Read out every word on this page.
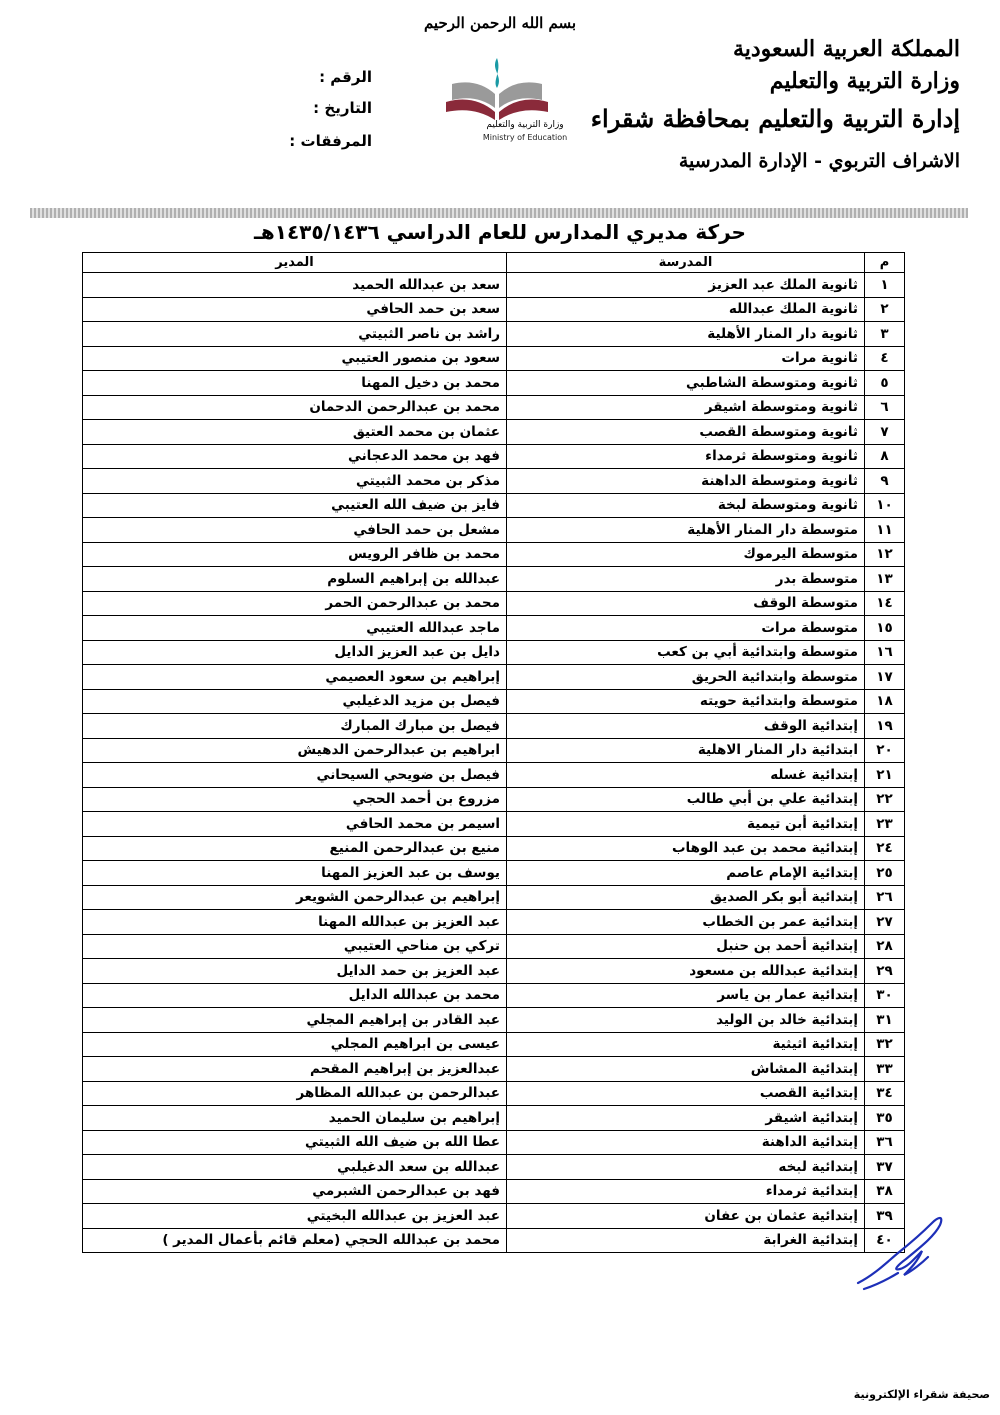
بسم الله الرحمن الرحيم
وزارة التربية والتعليم
Ministry of Education
المملكة العربية السعودية
وزارة التربية والتعليم
إدارة التربية والتعليم بمحافظة شقراء
الاشراف التربوي - الإدارة المدرسية
الرقم :
التاريخ :
المرفقات :
حركة مديري المدارس للعام الدراسي ١٤٣٥/١٤٣٦هـ
م	المدرسة	المدير
١	ثانوية الملك عبد العزيز	سعد بن عبدالله الحميد
٢	ثانوية الملك عبدالله	سعد بن حمد الحافي
٣	ثانوية دار المنار الأهلية	راشد بن ناصر الثبيتي
٤	ثانوية مرات	سعود بن منصور العتيبي
٥	ثانوية ومتوسطة الشاطبي	محمد بن دخيل المهنا
٦	ثانوية ومتوسطة اشيقر	محمد بن عبدالرحمن الدحمان
٧	ثانوية ومتوسطة القصب	عثمان بن محمد العتيق
٨	ثانوية ومتوسطة ثرمداء	فهد بن محمد الدعجاني
٩	ثانوية ومتوسطة الداهنة	مذكر بن محمد الثبيتي
١٠	ثانوية ومتوسطة لبخة	فايز بن ضيف الله العتيبي
١١	متوسطة دار المنار الأهلية	مشعل بن حمد الحافي
١٢	متوسطة اليرموك	محمد بن ظافر الرويس
١٣	متوسطة بدر	عبدالله بن إبراهيم السلوم
١٤	متوسطة الوقف	محمد بن عبدالرحمن الحمر
١٥	متوسطة مرات	ماجد عبدالله العتيبي
١٦	متوسطة وابتدائية أبي بن كعب	دايل بن عبد العزيز الدايل
١٧	متوسطة وابتدائية الحريق	إبراهيم بن سعود العصيمي
١٨	متوسطة وابتدائية حويته	فيصل بن مزيد الدغيلبي
١٩	إبتدائية الوقف	فيصل بن مبارك المبارك
٢٠	ابتدائية دار المنار الاهلية	ابراهيم بن عبدالرحمن الدهيش
٢١	إبتدائية غسله	فيصل بن ضويحي السيحاني
٢٢	إبتدائية علي بن أبي طالب	مزروع بن أحمد الحجي
٢٣	إبتدائية أبن تيمية	اسيمر بن محمد الحافي
٢٤	إبتدائية محمد بن عبد الوهاب	منيع بن عبدالرحمن المنيع
٢٥	إبتدائية الإمام عاصم	يوسف بن عبد العزيز المهنا
٢٦	إبتدائية أبو بكر الصديق	إبراهيم بن عبدالرحمن الشويعر
٢٧	إبتدائية عمر بن الخطاب	عبد العزيز بن عبدالله المهنا
٢٨	إبتدائية أحمد بن حنبل	تركي بن مناحي العتيبي
٢٩	إبتدائية عبدالله بن مسعود	عبد العزيز بن حمد الدايل
٣٠	إبتدائية عمار بن ياسر	محمد بن عبدالله الدايل
٣١	إبتدائية خالد بن الوليد	عبد القادر بن إبراهيم المجلي
٣٢	إبتدائية اثيثية	عيسى بن ابراهيم المجلي
٣٣	إبتدائية المشاش	عبدالعزيز بن إبراهيم المقحم
٣٤	إبتدائية القصب	عبدالرحمن بن عبدالله المظاهر
٣٥	إبتدائية اشيقر	إبراهيم بن سليمان الحميد
٣٦	إبتدائية الداهنة	عطا الله بن ضيف الله الثبيتي
٣٧	إبتدائية لبخه	عبدالله بن سعد الدغيلبي
٣٨	إبتدائية ثرمداء	فهد بن عبدالرحمن الشبرمي
٣٩	إبتدائية عثمان بن عفان	عبد العزيز بن عبدالله البخيتي
٤٠	إبتدائية الغرابة	محمد بن عبدالله الحجي (معلم قائم بأعمال المدير )
صحيفة شقراء الإلكترونية
